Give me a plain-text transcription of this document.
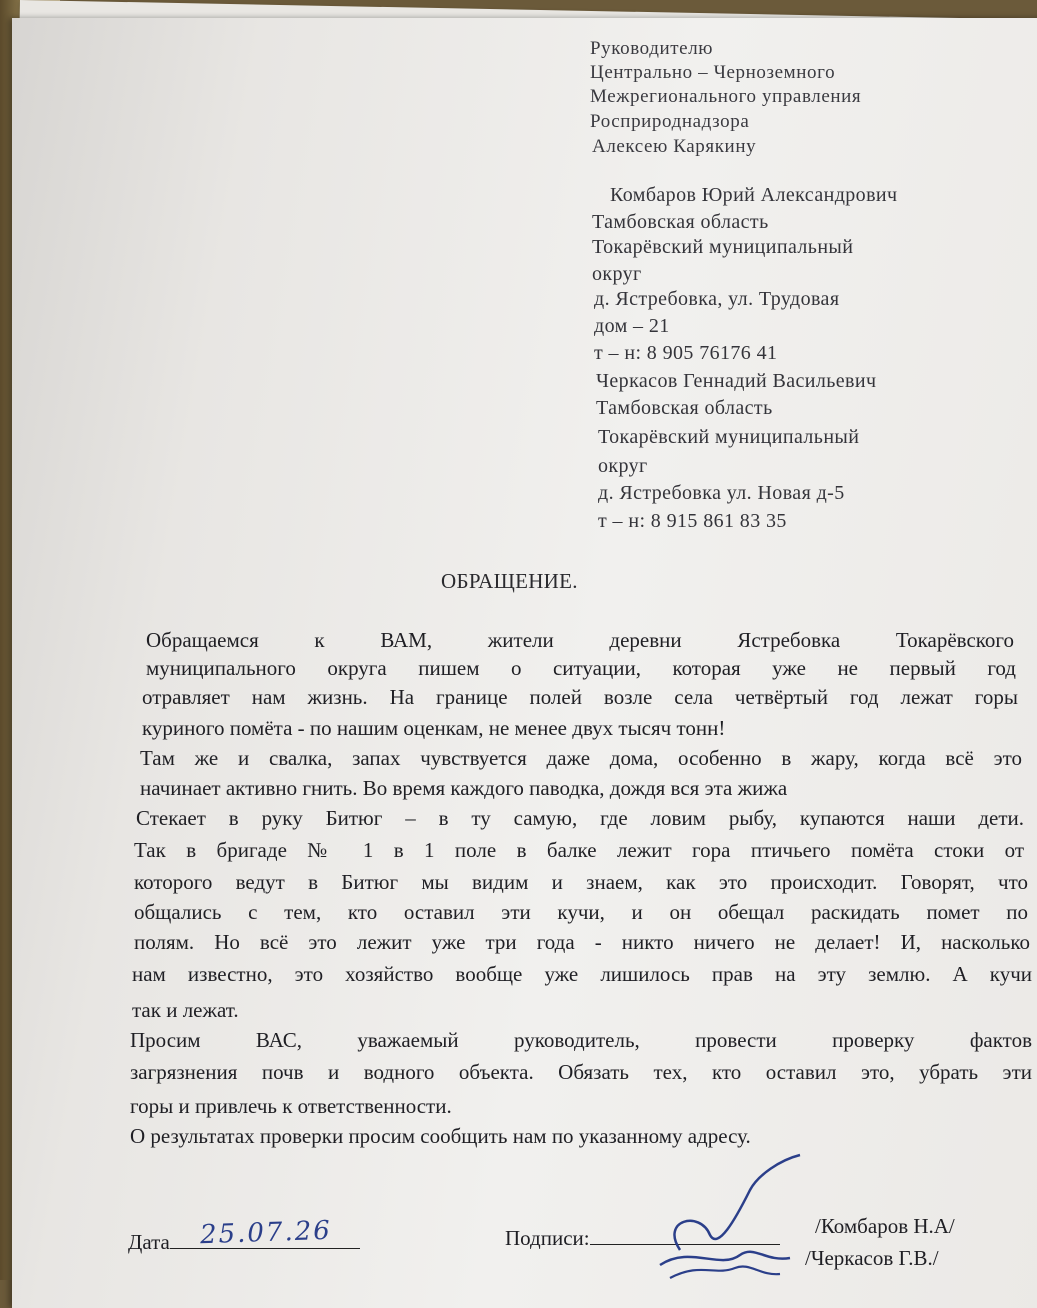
Руководителю
Центрально – Черноземного
Межрегионального управления
Росприроднадзора
Алексею Карякину
Комбаров Юрий Александрович
Тамбовская область
Токарёвский муниципальный
округ
д. Ястребовка, ул. Трудовая
дом – 21
т – н: 8 905 76176 41
Черкасов Геннадий Васильевич
Тамбовская область
Токарёвский муниципальный
округ
д. Ястребовка ул. Новая д-5
т – н: 8 915 861 83 35
ОБРАЩЕНИЕ.
Обращаемся к ВАМ, жители деревни Ястребовка Токарёвского
муниципального округа пишем о ситуации, которая уже не первый год
отравляет нам жизнь. На границе полей возле села четвёртый год лежат горы
куриного помёта - по нашим оценкам, не менее двух тысяч тонн!
Там же и свалка, запах чувствуется даже дома, особенно в жару, когда всё это
начинает активно гнить. Во время каждого паводка, дождя вся эта жижа
Стекает в руку Битюг – в ту самую, где ловим рыбу, купаются наши дети.
Так в бригаде № 1 в 1 поле в балке лежит гора птичьего помёта стоки от
которого ведут в Битюг мы видим и знаем, как это происходит. Говорят, что
общались с тем, кто оставил эти кучи, и он обещал раскидать помет по
полям. Но всё это лежит уже три года - никто ничего не делает! И, насколько
нам известно, это хозяйство вообще уже лишилось прав на эту землю. А кучи
так и лежат.
Просим ВАС, уважаемый руководитель, провести проверку фактов
загрязнения почв и водного объекта. Обязать тех, кто оставил это, убрать эти
горы и привлечь к ответственности.
О результатах проверки просим сообщить нам по указанному адресу.
Дата	25.07.26	Подписи:	/Комбаров Н.А/
/Черкасов Г.В./
